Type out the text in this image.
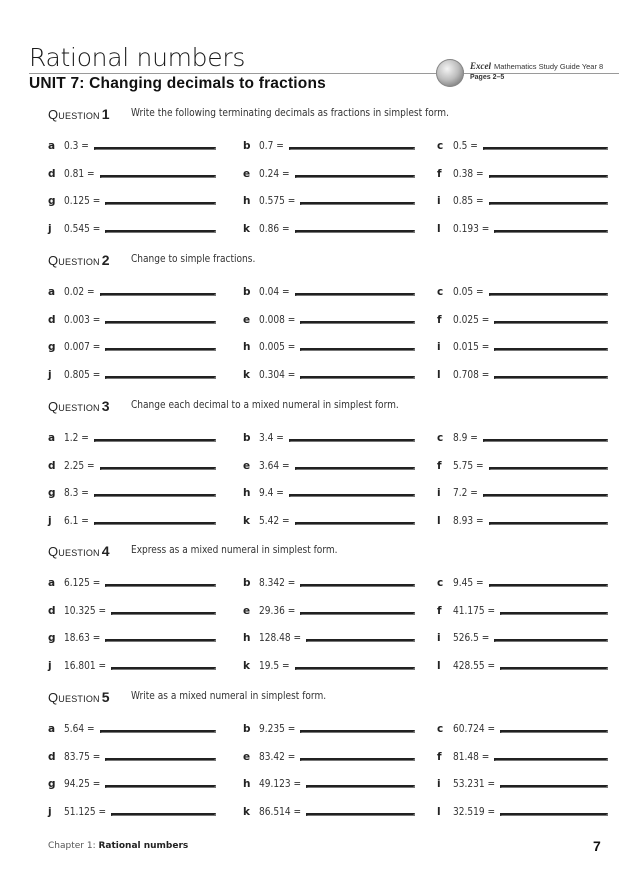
Rational numbers
UNIT 7: Changing decimals to fractions
Excel Mathematics Study Guide Year 8
Pages 2–5
Question 1 Write the following terminating decimals as fractions in simplest form.
a 0.3 =	b 0.7 =	c 0.5 =
d 0.81 =	e 0.24 =	f	0.38 =
g 0.125 =	h 0.575 =	i	0.85 =
j	0.545 =	k 0.86 =	l	0.193 =
Question 2 Change to simple fractions.
a 0.02 =	b 0.04 =	c 0.05 =
d 0.003 =	e 0.008 =	f	0.025 =
g 0.007 =	h 0.005 =	i	0.015 =
j	0.805 =	k 0.304 =	l	0.708 =
Question 3 Change each decimal to a mixed numeral in simplest form.
a 1.2 =	b 3.4 =	c 8.9 =
d 2.25 =	e 3.64 =	f	5.75 =
g 8.3 =	h 9.4 =	i	7.2 =
j	6.1 =	k 5.42 =	l	8.93 =
Question 4 Express as a mixed numeral in simplest form.
a 6.125 =	b 8.342 =	c 9.45 =
d 10.325 =	e 29.36 =	f	41.175 =
g 18.63 =	h 128.48 =	i	526.5 =
j	16.801 =	k 19.5 =	l	428.55 =
Question 5 Write as a mixed numeral in simplest form.
a 5.64 =	b 9.235 =	c 60.724 =
d 83.75 =	e 83.42 =	f	81.48 =
g 94.25 =	h 49.123 =	i	53.231 =
j	51.125 =	k 86.514 =	l	32.519 =
Chapter 1: Rational numbers	7
